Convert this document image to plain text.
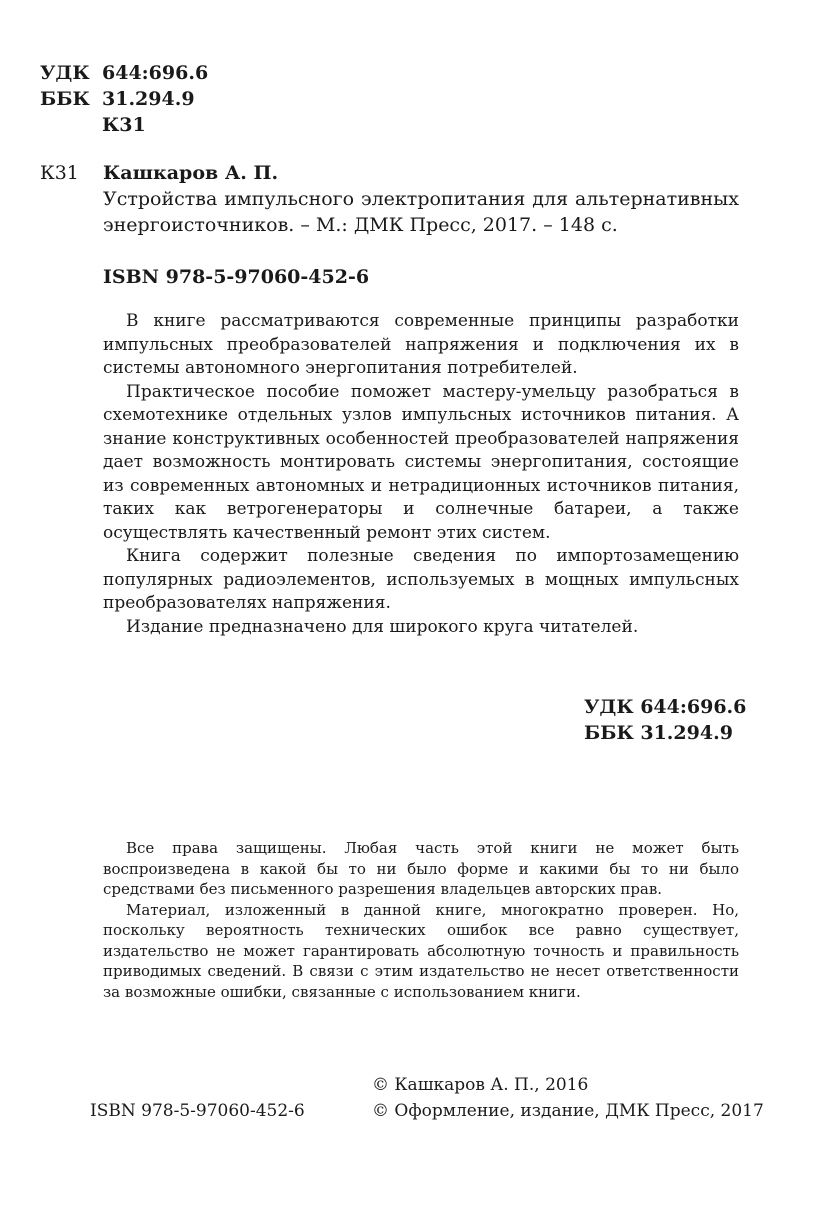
УДК 644:696.6
ББК 31.294.9
К31
К31 Кашкаров А. П.
Устройства импульсного электропитания для альтернативных энергоисточников. – М.: ДМК Пресс, 2017. – 148 с.
ISBN 978-5-97060-452-6

В книге рассматриваются современные принципы разработки импульсных преобразователей напряжения и подключения их в системы автономного энергопитания потребителей.

Практическое пособие поможет мастеру-умельцу разобраться в схемотехнике отдельных узлов импульсных источников питания. А знание конструктивных особенностей преобразователей напряжения дает возможность монтировать системы энергопитания, состоящие из современных автономных и нетрадиционных источников питания, таких как ветрогенераторы и солнечные батареи, а также осуществлять качественный ремонт этих систем.

Книга содержит полезные сведения по импортозамещению популярных радиоэлементов, используемых в мощных импульсных преобразователях напряжения.

Издание предназначено для широкого круга читателей.

УДК 644:696.6
ББК 31.294.9

Все права защищены. Любая часть этой книги не может быть воспроизведена в какой бы то ни было форме и какими бы то ни было средствами без письменного разрешения владельцев авторских прав.

Материал, изложенный в данной книге, многократно проверен. Но, поскольку вероятность технических ошибок все равно существует, издательство не может гарантировать абсолютную точность и правильность приводимых сведений. В связи с этим издательство не несет ответственности за возможные ошибки, связанные с использованием книги.

ISBN 978-5-97060-452-6
© Кашкаров А. П., 2016
© Оформление, издание, ДМК Пресс, 2017
